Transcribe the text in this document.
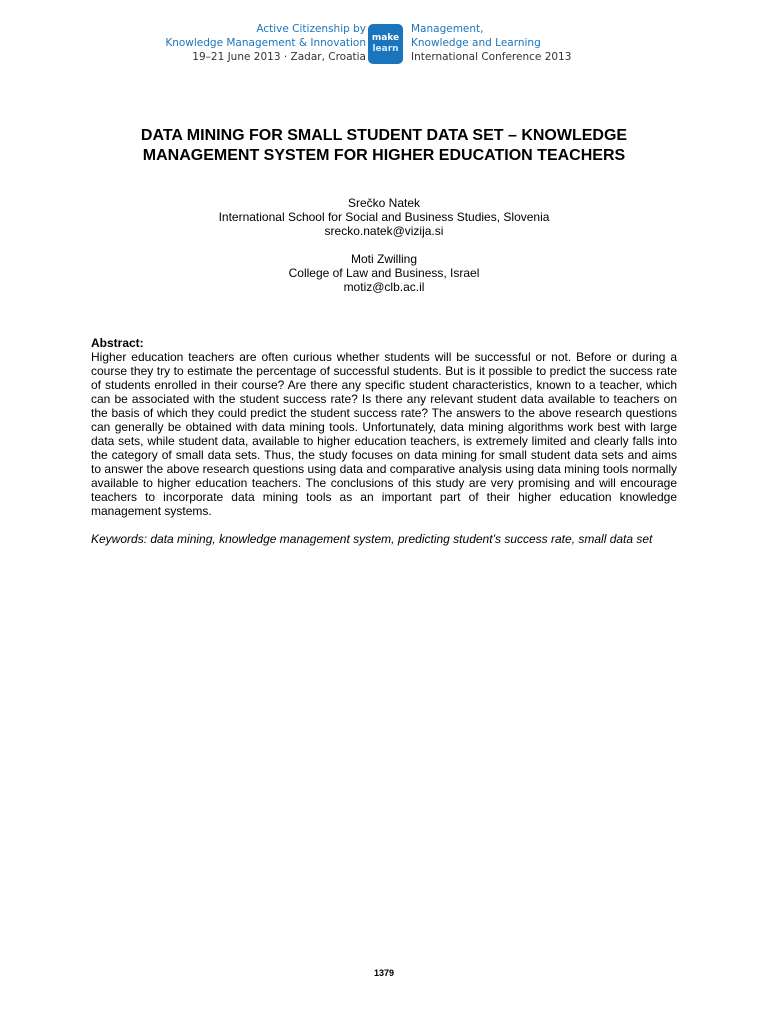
Active Citizenship by
Knowledge Management & Innovation
19–21 June 2013 · Zadar, Croatia
make
learn
Management,
Knowledge and Learning
International Conference 2013
DATA MINING FOR SMALL STUDENT DATA SET – KNOWLEDGE
MANAGEMENT SYSTEM FOR HIGHER EDUCATION TEACHERS
Srečko Natek
International School for Social and Business Studies, Slovenia
srecko.natek@vizija.si
Moti Zwilling
College of Law and Business, Israel
motiz@clb.ac.il
Abstract:
Higher education teachers are often curious whether students will be successful or not. Before or during a course they try to estimate the percentage of successful students. But is it possible to predict the success rate of students enrolled in their course? Are there any specific student characteristics, known to a teacher, which can be associated with the student success rate? Is there any relevant student data available to teachers on the basis of which they could predict the student success rate? The answers to the above research questions can generally be obtained with data mining tools. Unfortunately, data mining algorithms work best with large data sets, while student data, available to higher education teachers, is extremely limited and clearly falls into the category of small data sets. Thus, the study focuses on data mining for small student data sets and aims to answer the above research questions using data and comparative analysis using data mining tools normally available to higher education teachers. The conclusions of this study are very promising and will encourage teachers to incorporate data mining tools as an important part of their higher education knowledge management systems.
Keywords: data mining, knowledge management system, predicting student’s success rate, small data set
1379
